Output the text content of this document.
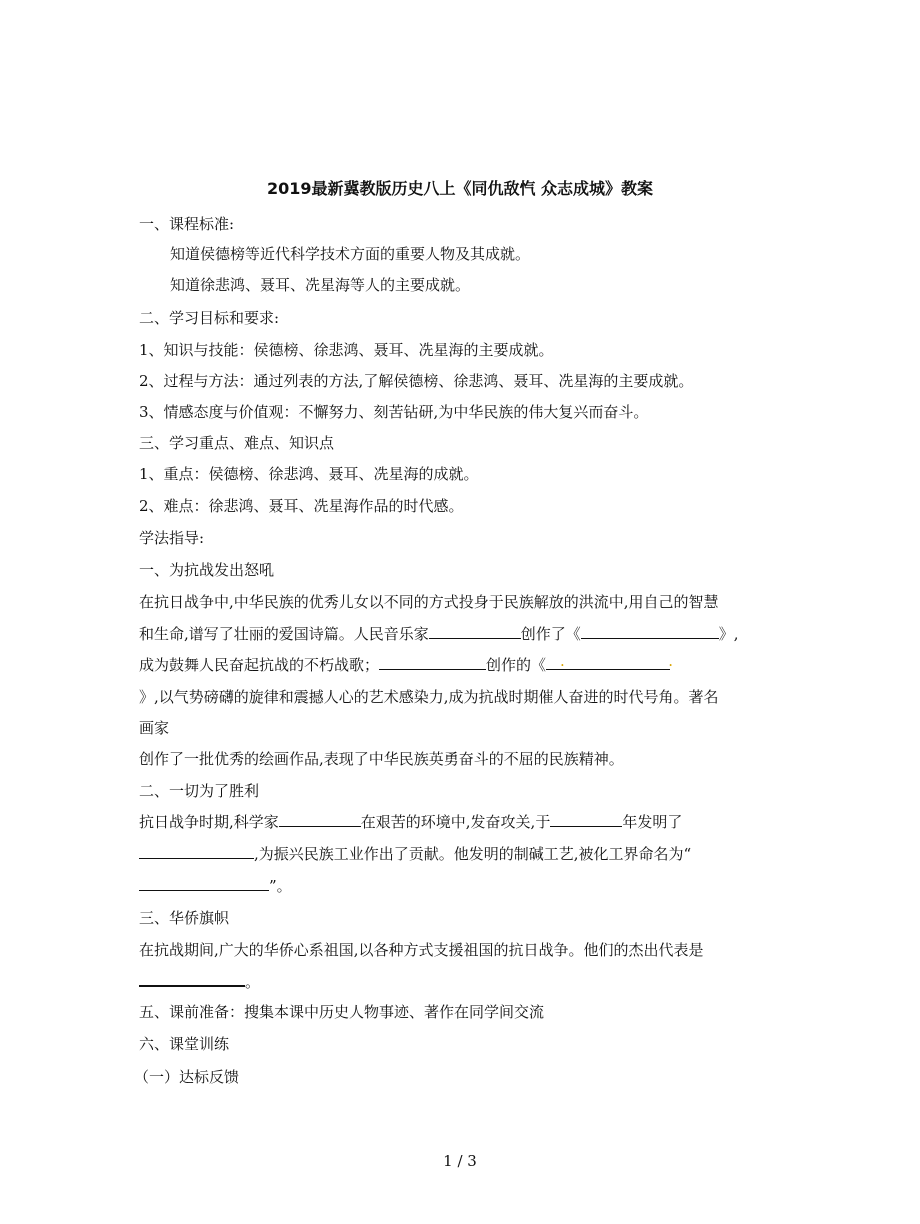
2019最新冀教版历史八上《同仇敌忾 众志成城》教案
一、课程标准:
知道侯德榜等近代科学技术方面的重要人物及其成就。
知道徐悲鸿、聂耳、冼星海等人的主要成就。
二、学习目标和要求:
1、知识与技能：侯德榜、徐悲鸿、聂耳、冼星海的主要成就。
2、过程与方法：通过列表的方法,了解侯德榜、徐悲鸿、聂耳、冼星海的主要成就。
3、情感态度与价值观：不懈努力、刻苦钻研,为中华民族的伟大复兴而奋斗。
三、学习重点、难点、知识点
1、重点：侯德榜、徐悲鸿、聂耳、冼星海的成就。
2、难点：徐悲鸿、聂耳、冼星海作品的时代感。
学法指导:
一、为抗战发出怒吼
在抗日战争中,中华民族的优秀儿女以不同的方式投身于民族解放的洪流中,用自己的智慧
和生命,谱写了壮丽的爱国诗篇。人民音乐家	创作了《	》,
成为鼓舞人民奋起抗战的不朽战歌；	创作的《 .	.
》,以气势磅礴的旋律和震撼人心的艺术感染力,成为抗战时期催人奋进的时代号角。著名
画家
创作了一批优秀的绘画作品,表现了中华民族英勇奋斗的不屈的民族精神。
二、一切为了胜利
抗日战争时期,科学家	在艰苦的环境中,发奋攻关,于	年发明了
,为振兴民族工业作出了贡献。他发明的制碱工艺,被化工界命名为“
”。
三、华侨旗帜
在抗战期间,广大的华侨心系祖国,以各种方式支援祖国的抗日战争。他们的杰出代表是
。
五、课前准备：搜集本课中历史人物事迹、著作在同学间交流
六、课堂训练
（一）达标反馈
1 / 3
